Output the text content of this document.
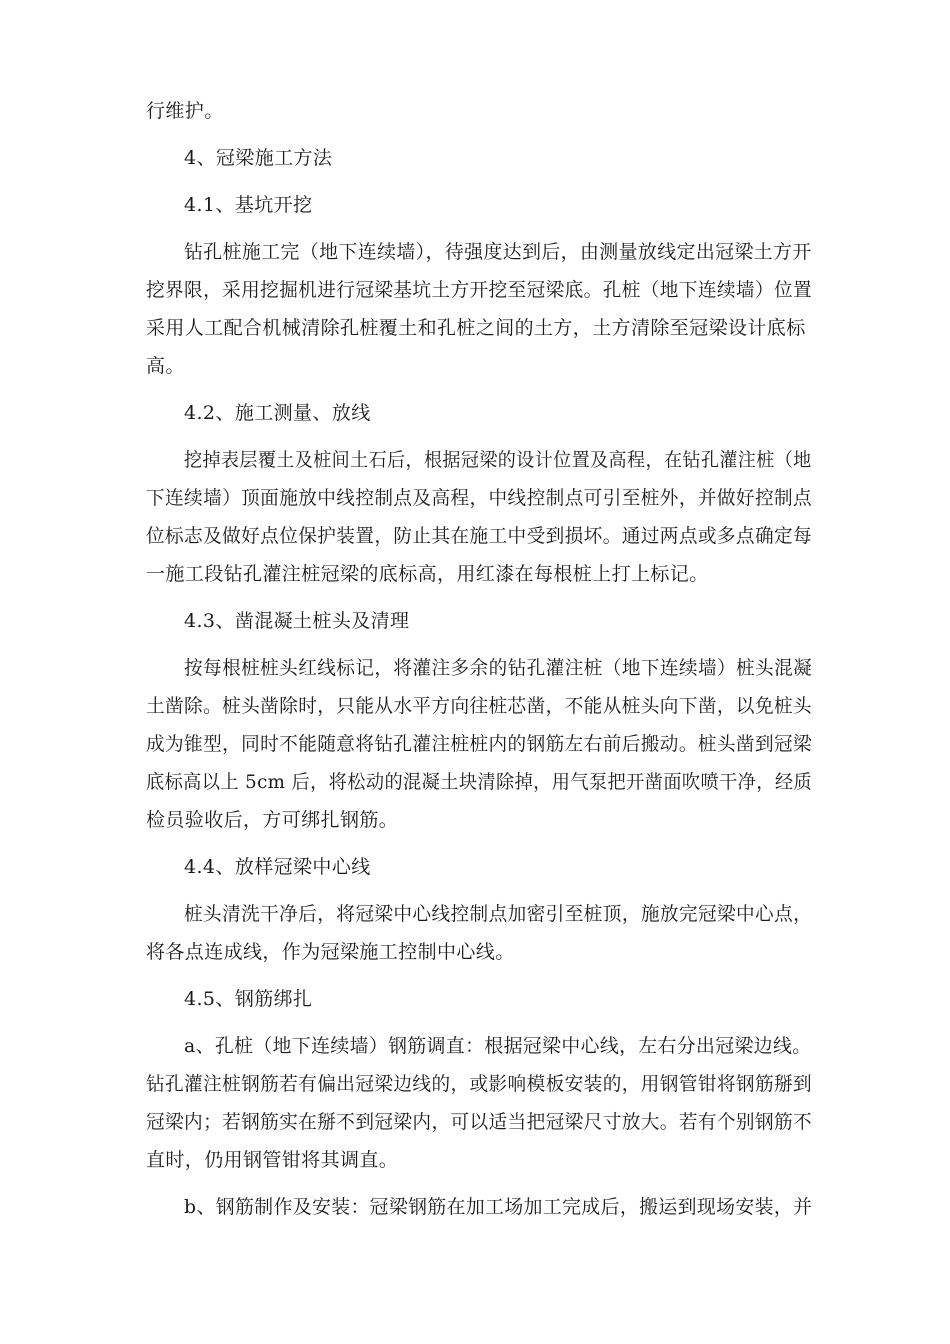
行维护。
4、冠梁施工方法
4.1、基坑开挖
钻孔桩施工完（地下连续墙），待强度达到后，由测量放线定出冠梁土方开
挖界限，采用挖掘机进行冠梁基坑土方开挖至冠梁底。孔桩（地下连续墙）位置
采用人工配合机械清除孔桩覆土和孔桩之间的土方，土方清除至冠梁设计底标
高。
4.2、施工测量、放线
挖掉表层覆土及桩间土石后，根据冠梁的设计位置及高程，在钻孔灌注桩（地
下连续墙）顶面施放中线控制点及高程，中线控制点可引至桩外，并做好控制点
位标志及做好点位保护装置，防止其在施工中受到损坏。通过两点或多点确定每
一施工段钻孔灌注桩冠梁的底标高，用红漆在每根桩上打上标记。
4.3、凿混凝土桩头及清理
按每根桩桩头红线标记，将灌注多余的钻孔灌注桩（地下连续墙）桩头混凝
土凿除。桩头凿除时，只能从水平方向往桩芯凿，不能从桩头向下凿，以免桩头
成为锥型，同时不能随意将钻孔灌注桩桩内的钢筋左右前后搬动。桩头凿到冠梁
底标高以上 5cm 后，将松动的混凝土块清除掉，用气泵把开凿面吹喷干净，经质
检员验收后，方可绑扎钢筋。
4.4、放样冠梁中心线
桩头清洗干净后，将冠梁中心线控制点加密引至桩顶，施放完冠梁中心点，
将各点连成线，作为冠梁施工控制中心线。
4.5、钢筋绑扎
a、孔桩（地下连续墙）钢筋调直：根据冠梁中心线，左右分出冠梁边线。
钻孔灌注桩钢筋若有偏出冠梁边线的，或影响模板安装的，用钢管钳将钢筋掰到
冠梁内；若钢筋实在掰不到冠梁内，可以适当把冠梁尺寸放大。若有个别钢筋不
直时，仍用钢管钳将其调直。
b、钢筋制作及安装：冠梁钢筋在加工场加工完成后，搬运到现场安装，并
